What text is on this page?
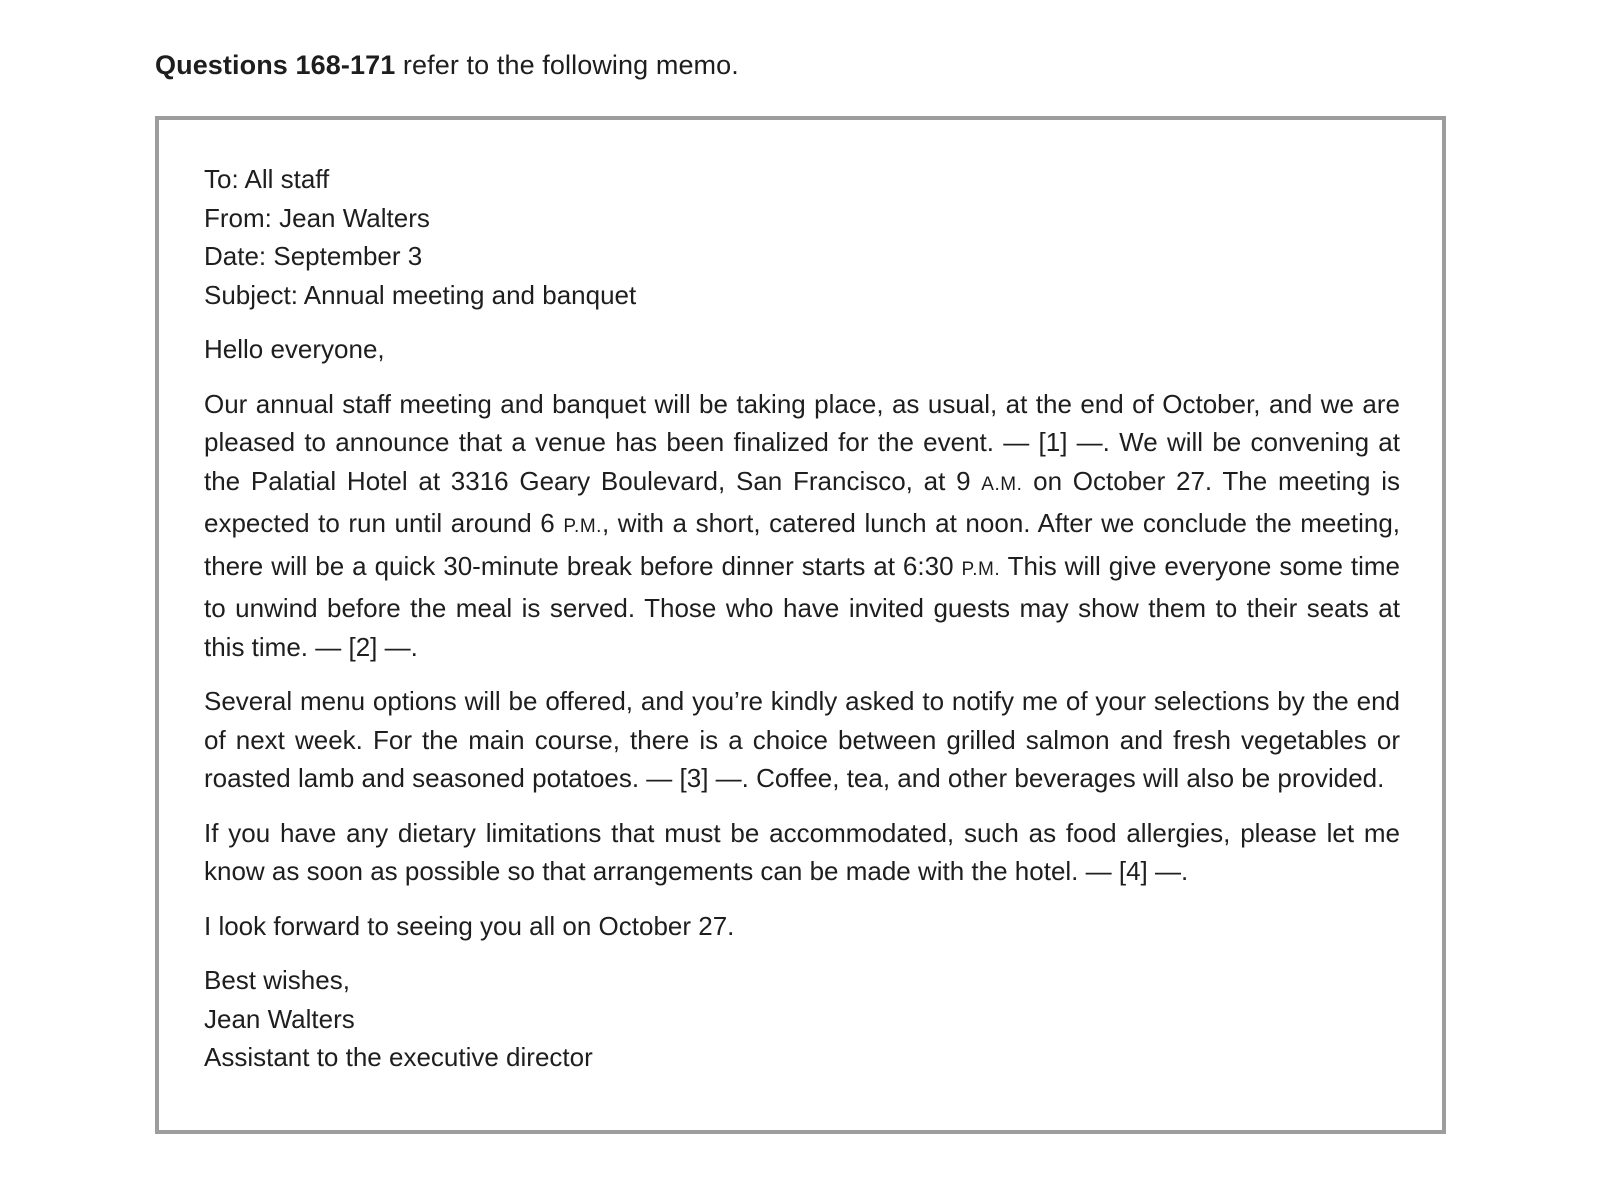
Questions 168-171 refer to the following memo.
To: All staff
From: Jean Walters
Date: September 3
Subject: Annual meeting and banquet

Hello everyone,

Our annual staff meeting and banquet will be taking place, as usual, at the end of October, and we are pleased to announce that a venue has been finalized for the event. — [1] —. We will be convening at the Palatial Hotel at 3316 Geary Boulevard, San Francisco, at 9 A.M. on October 27. The meeting is expected to run until around 6 P.M., with a short, catered lunch at noon. After we conclude the meeting, there will be a quick 30-minute break before dinner starts at 6:30 P.M. This will give everyone some time to unwind before the meal is served. Those who have invited guests may show them to their seats at this time. — [2] —.

Several menu options will be offered, and you’re kindly asked to notify me of your selections by the end of next week. For the main course, there is a choice between grilled salmon and fresh vegetables or roasted lamb and seasoned potatoes. — [3] —. Coffee, tea, and other beverages will also be provided.

If you have any dietary limitations that must be accommodated, such as food allergies, please let me know as soon as possible so that arrangements can be made with the hotel. — [4] —.

I look forward to seeing you all on October 27.

Best wishes,
Jean Walters
Assistant to the executive director
